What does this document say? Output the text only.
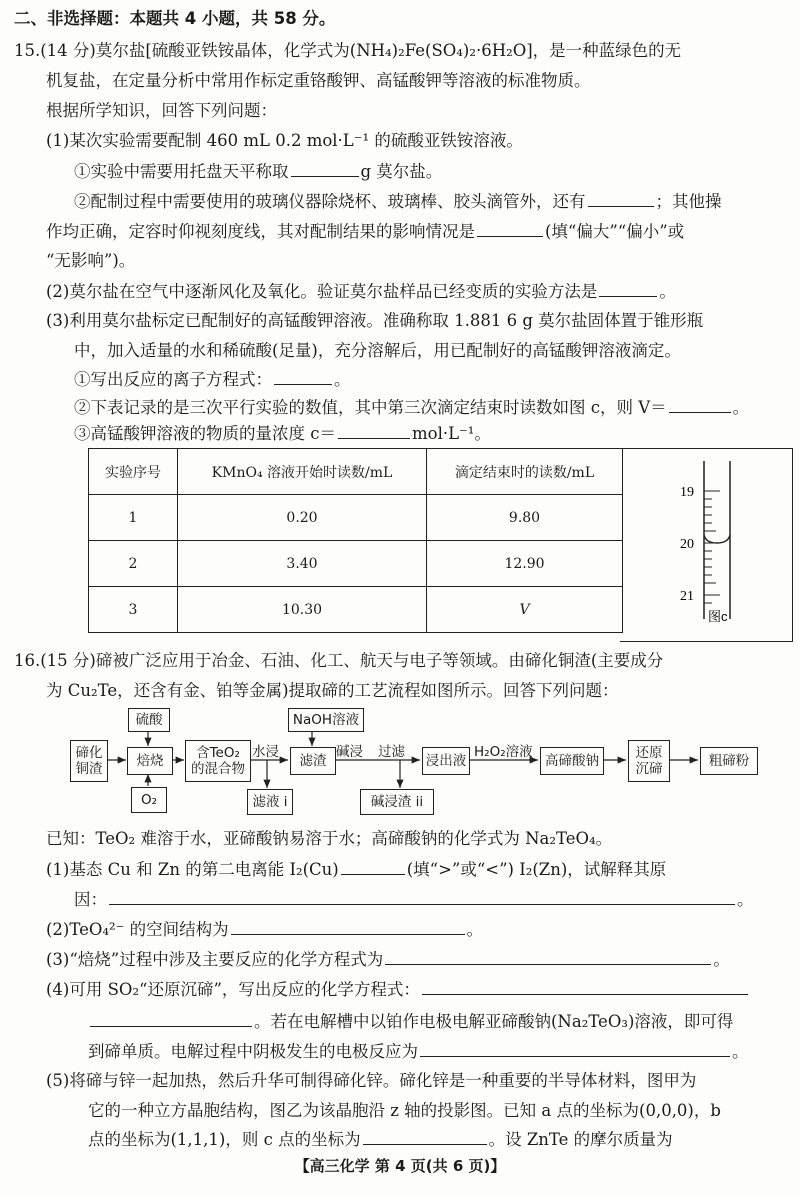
二、非选择题：本题共 4 小题，共 58 分。
15.(14 分)莫尔盐[硫酸亚铁铵晶体，化学式为(NH₄)₂Fe(SO₄)₂·6H₂O]，是一种蓝绿色的无
机复盐，在定量分析中常用作标定重铬酸钾、高锰酸钾等溶液的标准物质。
根据所学知识，回答下列问题：
(1)某次实验需要配制 460 mL 0.2 mol·L⁻¹ 的硫酸亚铁铵溶液。
①实验中需要用托盘天平称取	g 莫尔盐。
②配制过程中需要使用的玻璃仪器除烧杯、玻璃棒、胶头滴管外，还有	；其他操
作均正确，定容时仰视刻度线，其对配制结果的影响情况是	(填“偏大”“偏小”或
“无影响”)。
(2)莫尔盐在空气中逐渐风化及氧化。验证莫尔盐样品已经变质的实验方法是	。
(3)利用莫尔盐标定已配制好的高锰酸钾溶液。准确称取 1.881 6 g 莫尔盐固体置于锥形瓶
中，加入适量的水和稀硫酸(足量)，充分溶解后，用已配制好的高锰酸钾溶液滴定。
①写出反应的离子方程式：	。
②下表记录的是三次平行实验的数值，其中第三次滴定结束时读数如图 c，则 V＝	。
③高锰酸钾溶液的物质的量浓度 c＝	mol·L⁻¹。
实验序号	KMnO₄ 溶液开始时读数/mL	滴定结束时的读数/mL
1	0.20	9.80
2	3.40	12.90
3	10.30	V
19
20
21
图c
16.(15 分)碲被广泛应用于冶金、石油、化工、航天与电子等领域。由碲化铜渣(主要成分
为 Cu₂Te，还含有金、铂等金属)提取碲的工艺流程如图所示。回答下列问题：
碲化
铜渣
硫酸
焙烧
O₂
含TeO₂
的混合物
水浸
滤液 i
NaOH溶液
滤渣
碱浸 过滤
碱浸渣 ii
浸出液
H₂O₂溶液
高碲酸钠	还原
沉碲	粗碲粉
已知：TeO₂ 难溶于水，亚碲酸钠易溶于水；高碲酸钠的化学式为 Na₂TeO₄。
(1)基态 Cu 和 Zn 的第二电离能 I₂(Cu)	(填“>”或“<”) I₂(Zn)，试解释其原
因：	。
(2)TeO₄²⁻ 的空间结构为	。
(3)“焙烧”过程中涉及主要反应的化学方程式为	。
(4)可用 SO₂“还原沉碲”，写出反应的化学方程式：
。若在电解槽中以铂作电极电解亚碲酸钠(Na₂TeO₃)溶液，即可得
到碲单质。电解过程中阴极发生的电极反应为	。
(5)将碲与锌一起加热，然后升华可制得碲化锌。碲化锌是一种重要的半导体材料，图甲为
它的一种立方晶胞结构，图乙为该晶胞沿 z 轴的投影图。已知 a 点的坐标为(0,0,0)，b
点的坐标为(1,1,1)，则 c 点的坐标为	。设 ZnTe 的摩尔质量为
【高三化学 第 4 页(共 6 页)】
